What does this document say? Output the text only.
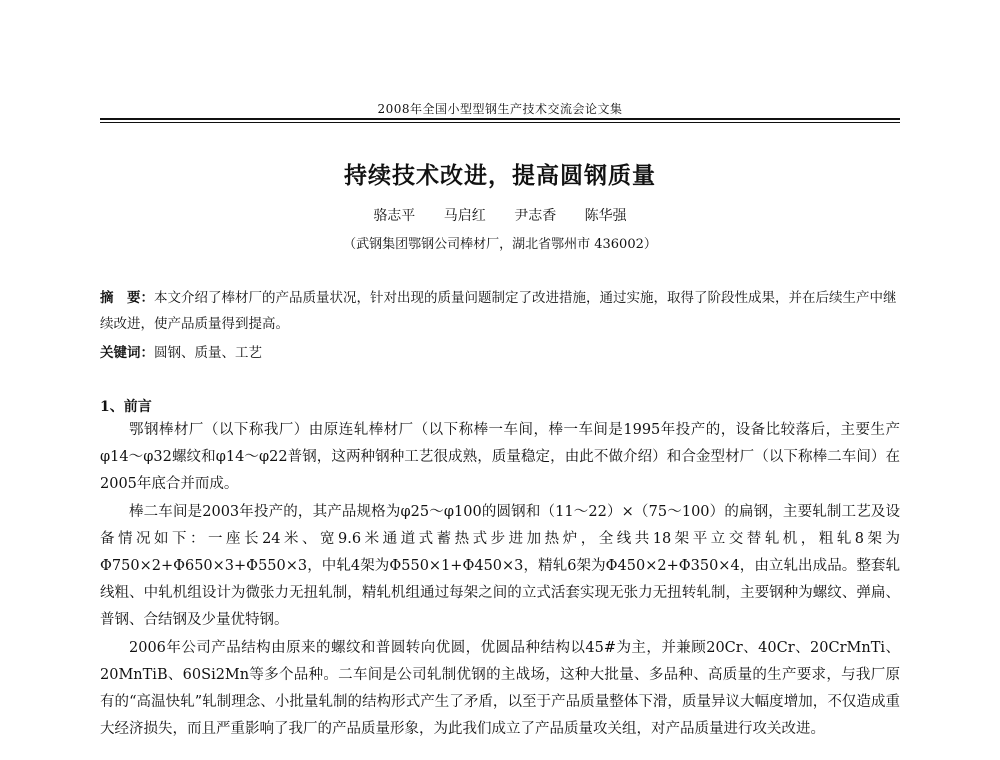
2008年全国小型型钢生产技术交流会论文集
持续技术改进，提高圆钢质量
骆志平 马启红 尹志香 陈华强
（武钢集团鄂钢公司棒材厂，湖北省鄂州市 436002）
摘　要：本文介绍了棒材厂的产品质量状况，针对出现的质量问题制定了改进措施，通过实施，取得了阶段性成果，并在后续生产中继续改进，使产品质量得到提高。
关键词：圆钢、质量、工艺
1、前言

鄂钢棒材厂（以下称我厂）由原连轧棒材厂（以下称棒一车间，棒一车间是1995年投产的，设备比较落后，主要生产φ14～φ32螺纹和φ14～φ22普钢，这两种钢种工艺很成熟，质量稳定，由此不做介绍）和合金型材厂（以下称棒二车间）在2005年底合并而成。

棒二车间是2003年投产的，其产品规格为φ25～φ100的圆钢和（11～22）×（75～100）的扁钢，主要轧制工艺及设备情况如下：一座长24米、宽9.6米通道式蓄热式步进加热炉，全线共18架平立交替轧机，粗轧8架为Φ750×2+Φ650×3+Φ550×3，中轧4架为Φ550×1+Φ450×3，精轧6架为Φ450×2+Φ350×4，由立轧出成品。整套轧线粗、中轧机组设计为微张力无扭轧制，精轧机组通过每架之间的立式活套实现无张力无扭转轧制，主要钢种为螺纹、弹扁、普钢、合结钢及少量优特钢。

2006年公司产品结构由原来的螺纹和普圆转向优圆，优圆品种结构以45#为主，并兼顾20Cr、40Cr、20CrMnTi、20MnTiB、60Si2Mn等多个品种。二车间是公司轧制优钢的主战场，这种大批量、多品种、高质量的生产要求，与我厂原有的“高温快轧”轧制理念、小批量轧制的结构形式产生了矛盾，以至于产品质量整体下滑，质量异议大幅度增加，不仅造成重大经济损失，而且严重影响了我厂的产品质量形象，为此我们成立了产品质量攻关组，对产品质量进行攻关改进。
